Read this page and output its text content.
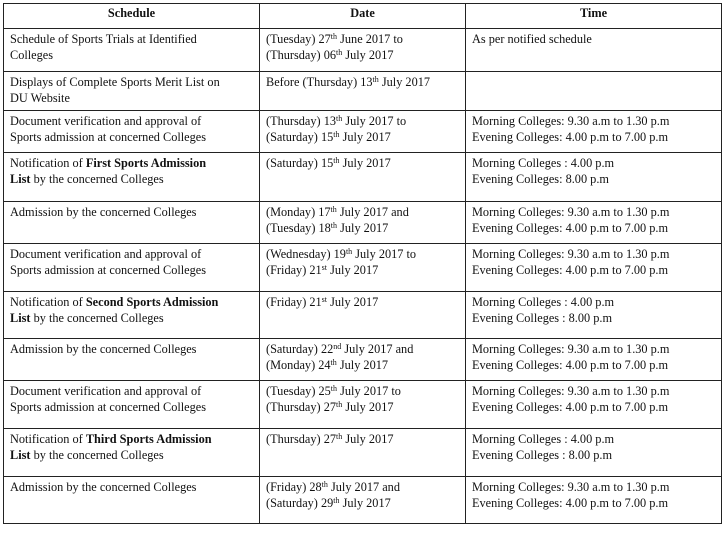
Schedule	Date	Time

Schedule of Sports Trials at Identified
Colleges	(Tuesday) 27th June 2017 to
(Thursday) 06th July 2017	As per notified schedule

Displays of Complete Sports Merit List on
DU Website	Before (Thursday) 13th July 2017	

Document verification and approval of
Sports admission at concerned Colleges	(Thursday) 13th July 2017 to
(Saturday) 15th July 2017	Morning Colleges: 9.30 a.m to 1.30 p.m
Evening Colleges: 4.00 p.m to 7.00 p.m

Notification of First Sports Admission
List by the concerned Colleges	(Saturday) 15th July 2017	Morning Colleges : 4.00 p.m
Evening Colleges: 8.00 p.m

Admission by the concerned Colleges	(Monday) 17th July 2017 and
(Tuesday) 18th July 2017	Morning Colleges: 9.30 a.m to 1.30 p.m
Evening Colleges: 4.00 p.m to 7.00 p.m

Document verification and approval of
Sports admission at concerned Colleges	(Wednesday) 19th July 2017 to
(Friday) 21st July 2017	Morning Colleges: 9.30 a.m to 1.30 p.m
Evening Colleges: 4.00 p.m to 7.00 p.m

Notification of Second Sports Admission
List by the concerned Colleges	(Friday) 21st July 2017	Morning Colleges : 4.00 p.m
Evening Colleges : 8.00 p.m

Admission by the concerned Colleges	(Saturday) 22nd July 2017 and
(Monday) 24th July 2017	Morning Colleges: 9.30 a.m to 1.30 p.m
Evening Colleges: 4.00 p.m to 7.00 p.m

Document verification and approval of
Sports admission at concerned Colleges	(Tuesday) 25th July 2017 to
(Thursday) 27th July 2017	Morning Colleges: 9.30 a.m to 1.30 p.m
Evening Colleges: 4.00 p.m to 7.00 p.m

Notification of Third Sports Admission
List by the concerned Colleges	(Thursday) 27th July 2017	Morning Colleges : 4.00 p.m
Evening Colleges : 8.00 p.m

Admission by the concerned Colleges	(Friday) 28th July 2017 and
(Saturday) 29th July 2017	Morning Colleges: 9.30 a.m to 1.30 p.m
Evening Colleges: 4.00 p.m to 7.00 p.m
